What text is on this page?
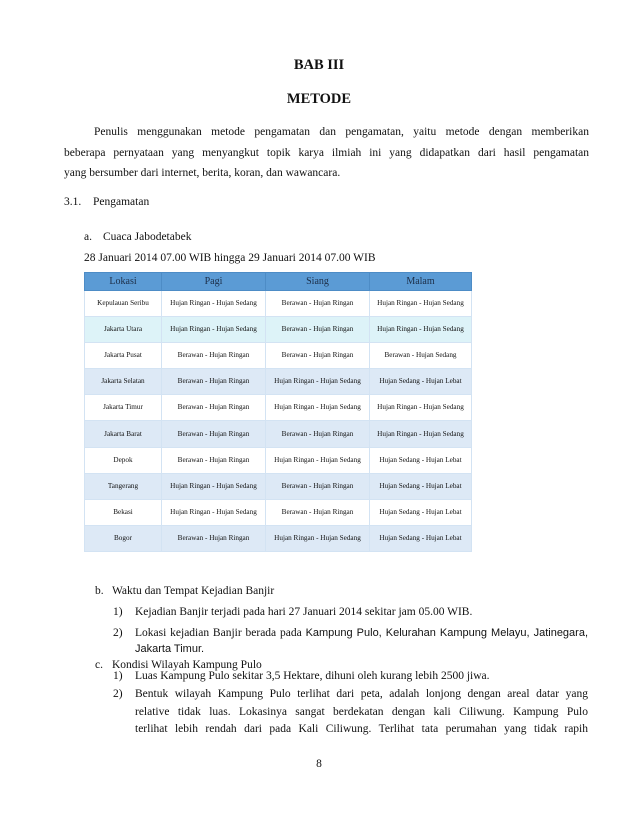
BAB III
METODE
Penulis menggunakan metode pengamatan dan pengamatan, yaitu metode dengan memberikan
beberapa pernyataan yang menyangkut topik karya ilmiah ini yang didapatkan dari hasil pengamatan
yang bersumber dari internet, berita, koran, dan wawancara.
3.1. Pengamatan
a. Cuaca Jabodetabek
28 Januari 2014 07.00 WIB hingga 29 Januari 2014 07.00 WIB
Lokasi	Pagi	Siang	Malam
Kepulauan Seribu	Hujan Ringan - Hujan Sedang	Berawan - Hujan Ringan	Hujan Ringan - Hujan Sedang
Jakarta Utara	Hujan Ringan - Hujan Sedang	Berawan - Hujan Ringan	Hujan Ringan - Hujan Sedang
Jakarta Pusat	Berawan - Hujan Ringan	Berawan - Hujan Ringan	Berawan - Hujan Sedang
Jakarta Selatan	Berawan - Hujan Ringan	Hujan Ringan - Hujan Sedang	Hujan Sedang - Hujan Lebat
Jakarta Timur	Berawan - Hujan Ringan	Hujan Ringan - Hujan Sedang	Hujan Ringan - Hujan Sedang
Jakarta Barat	Berawan - Hujan Ringan	Berawan - Hujan Ringan	Hujan Ringan - Hujan Sedang
Depok	Berawan - Hujan Ringan	Hujan Ringan - Hujan Sedang	Hujan Sedang - Hujan Lebat
Tangerang	Hujan Ringan - Hujan Sedang	Berawan - Hujan Ringan	Hujan Sedang - Hujan Lebat
Bekasi	Hujan Ringan - Hujan Sedang	Berawan - Hujan Ringan	Hujan Sedang - Hujan Lebat
Bogor	Berawan - Hujan Ringan	Hujan Ringan - Hujan Sedang	Hujan Sedang - Hujan Lebat
b. Waktu dan Tempat Kejadian Banjir
1) Kejadian Banjir terjadi pada hari 27 Januari 2014 sekitar jam 05.00 WIB.
2) Lokasi kejadian Banjir berada pada Kampung Pulo, Kelurahan Kampung Melayu, Jatinegara,
Jakarta Timur.
c. Kondisi Wilayah Kampung Pulo
1) Luas Kampung Pulo sekitar 3,5 Hektare, dihuni oleh kurang lebih 2500 jiwa.
2) Bentuk wilayah Kampung Pulo terlihat dari peta, adalah lonjong dengan areal datar yang
relative tidak luas. Lokasinya sangat berdekatan dengan kali Ciliwung. Kampung Pulo
terlihat lebih rendah dari pada Kali Ciliwung. Terlihat tata perumahan yang tidak rapih
8
